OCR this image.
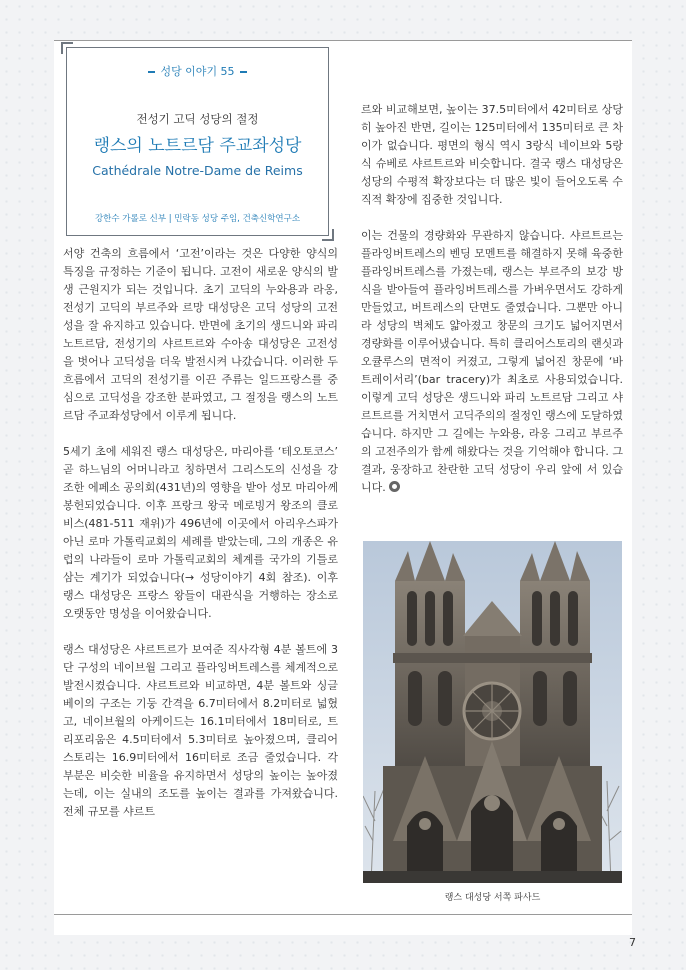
성당 이야기 55
전성기 고딕 성당의 절정
랭스의 노트르담 주교좌성당
Cathédrale Notre-Dame de Reims
강한수 가롤로 신부 | 민락동 성당 주임, 건축신학연구소

서양 건축의 흐름에서 ‘고전’이라는 것은 다양한 양식의 특징을 규정하는 기준이 됩니다. 고전이 새로운 양식의 발생 근원지가 되는 것입니다. 초기 고딕의 누와용과 라옹, 전성기 고딕의 부르주와 르망 대성당은 고딕 성당의 고전성을 잘 유지하고 있습니다. 반면에 초기의 생드니와 파리 노트르담, 전성기의 샤르트르와 수아송 대성당은 고전성을 벗어나 고딕성을 더욱 발전시켜 나갔습니다. 이러한 두 흐름에서 고딕의 전성기를 이끈 주류는 일드프랑스를 중심으로 고딕성을 강조한 분파였고, 그 절정을 랭스의 노트르담 주교좌성당에서 이루게 됩니다.

5세기 초에 세워진 랭스 대성당은, 마리아를 ‘테오토코스’ 곧 하느님의 어머니라고 칭하면서 그리스도의 신성을 강조한 에페소 공의회(431년)의 영향을 받아 성모 마리아께 봉헌되었습니다. 이후 프랑크 왕국 메로빙거 왕조의 클로비스(481-511 재위)가 496년에 이곳에서 아리우스파가 아닌 로마 가톨릭교회의 세례를 받았는데, 그의 개종은 유럽의 나라들이 로마 가톨릭교회의 체계를 국가의 기틀로 삼는 계기가 되었습니다(→ 성당이야기 4회 참조). 이후 랭스 대성당은 프랑스 왕들이 대관식을 거행하는 장소로 오랫동안 명성을 이어왔습니다.

랭스 대성당은 샤르트르가 보여준 직사각형 4분 볼트에 3단 구성의 네이브월 그리고 플라잉버트레스를 체계적으로 발전시켰습니다. 샤르트르와 비교하면, 4분 볼트와 싱글 베이의 구조는 기둥 간격을 6.7미터에서 8.2미터로 넓혔고, 네이브월의 아케이드는 16.1미터에서 18미터로, 트리포리움은 4.5미터에서 5.3미터로 높아졌으며, 클리어스토리는 16.9미터에서 16미터로 조금 줄었습니다. 각 부분은 비슷한 비율을 유지하면서 성당의 높이는 높아졌는데, 이는 실내의 조도를 높이는 결과를 가져왔습니다. 전체 규모를 샤르트

르와 비교해보면, 높이는 37.5미터에서 42미터로 상당히 높아진 반면, 길이는 125미터에서 135미터로 큰 차이가 없습니다. 평면의 형식 역시 3랑식 네이브와 5랑식 슈베로 샤르트르와 비슷합니다. 결국 랭스 대성당은 성당의 수평적 확장보다는 더 많은 빛이 들어오도록 수직적 확장에 집중한 것입니다.

이는 건물의 경량화와 무관하지 않습니다. 샤르트르는 플라잉버트레스의 벤딩 모멘트를 해결하지 못해 육중한 플라잉버트레스를 가졌는데, 랭스는 부르주의 보강 방식을 받아들여 플라잉버트레스를 가벼우면서도 강하게 만들었고, 버트레스의 단면도 줄였습니다. 그뿐만 아니라 성당의 벽체도 얇아졌고 창문의 크기도 넓어지면서 경량화를 이루어냈습니다. 특히 클리어스토리의 랜싯과 오큘루스의 면적이 커졌고, 그렇게 넓어진 창문에 ‘바 트레이서리’(bar tracery)가 최초로 사용되었습니다. 이렇게 고딕 성당은 생드니와 파리 노트르담 그리고 샤르트르를 거치면서 고딕주의의 절정인 랭스에 도달하였습니다. 하지만 그 길에는 누와용, 라옹 그리고 부르주의 고전주의가 함께 해왔다는 것을 기억해야 합니다. 그 결과, 웅장하고 찬란한 고딕 성당이 우리 앞에 서 있습니다.

랭스 대성당 서쪽 파사드
7
